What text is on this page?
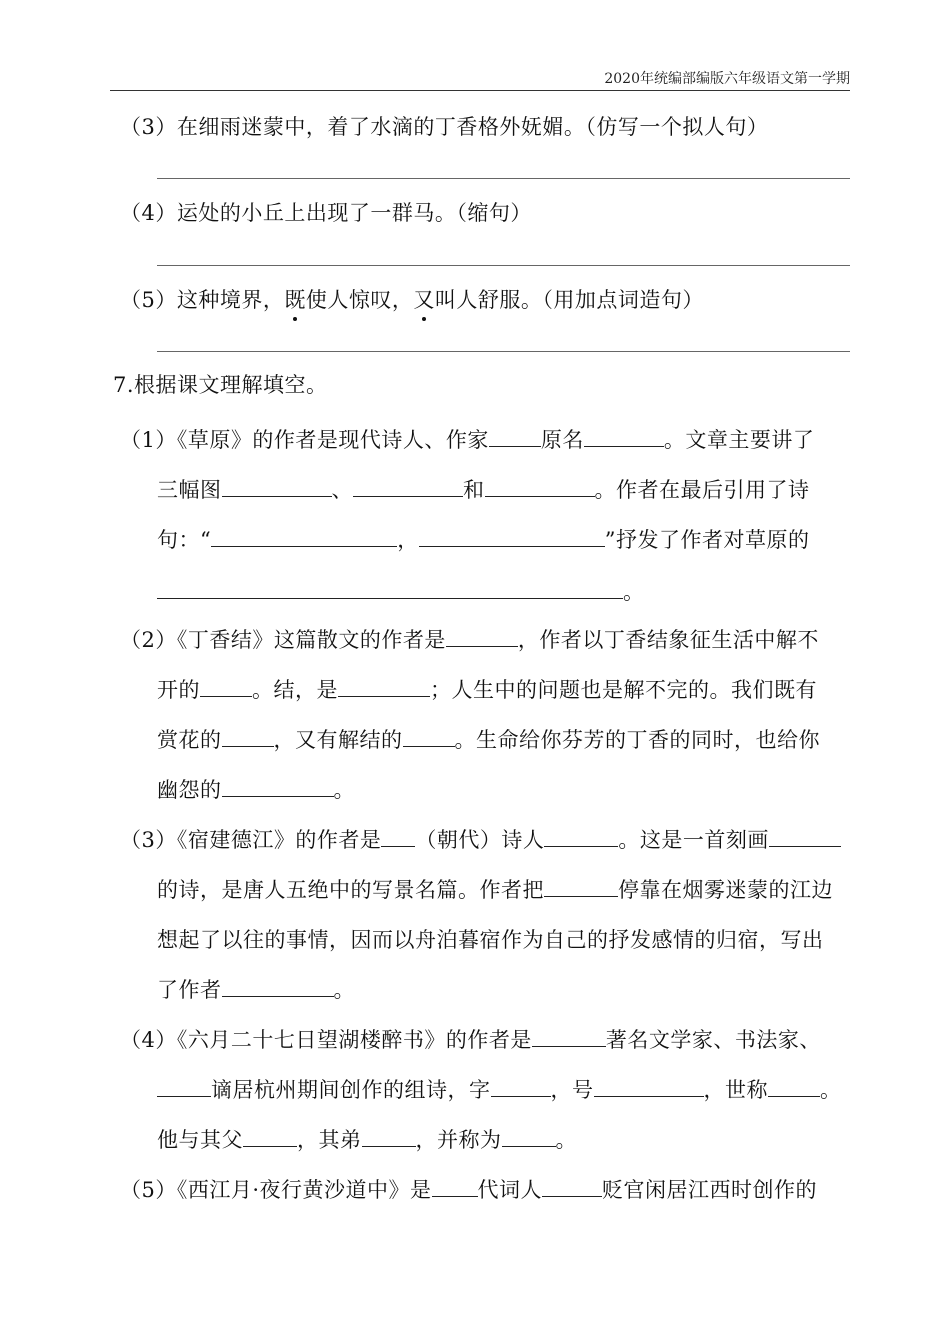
2020年统编部编版六年级语文第一学期
（3）在细雨迷蒙中，着了水滴的丁香格外妩媚。（仿写一个拟人句）
（4）运处的小丘上出现了一群马。（缩句）
（5）这种境界，既使人惊叹，又叫人舒服。（用加点词造句）
7.根据课文理解填空。
（1）《草原》的作者是现代诗人、作家 原名	。文章主要讲了
三幅图	、	和	。作者在最后引用了诗
句：“	，	”抒发了作者对草原的
。
（2）《丁香结》这篇散文的作者是	，作者以丁香结象征生活中解不
开的 。结，是	；人生中的问题也是解不完的。我们既有
赏花的 ，又有解结的 。生命给你芬芳的丁香的同时，也给你
幽怨的	。
（3）《宿建德江》的作者是 （朝代）诗人	。这是一首刻画
的诗，是唐人五绝中的写景名篇。作者把	停靠在烟雾迷蒙的江边
想起了以往的事情，因而以舟泊暮宿作为自己的抒发感情的归宿，写出
了作者	。
（4）《六月二十七日望湖楼醉书》的作者是	著名文学家、书法家、
谪居杭州期间创作的组诗，字	，号	，世称 。
他与其父	，其弟	，并称为	。
（5）《西江月·夜行黄沙道中》是 代词人	贬官闲居江西时创作的
